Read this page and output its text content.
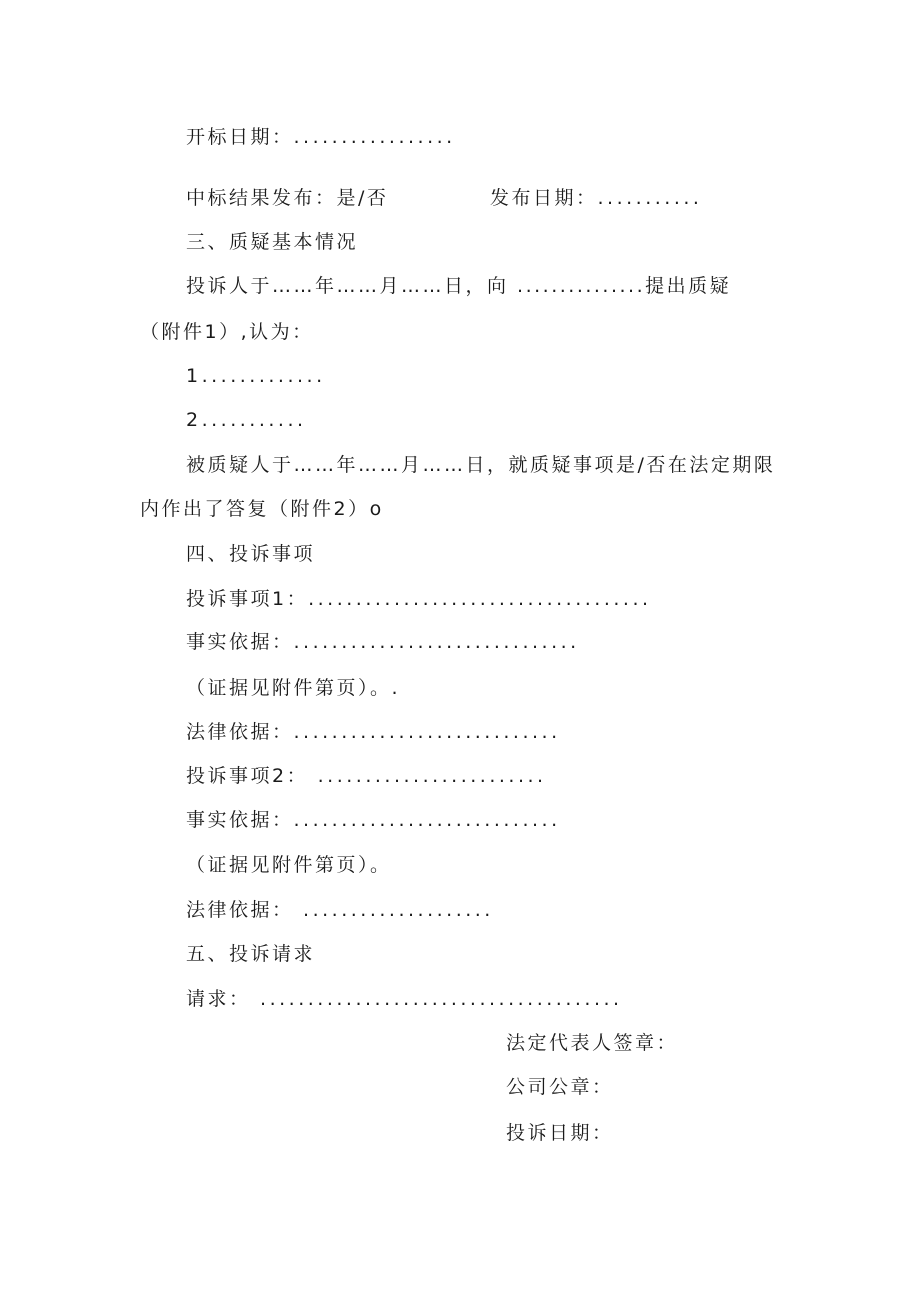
开标日期：.................
中标结果发布：是/否	发布日期：...........
三、质疑基本情况
投诉人于……年……月……日，向 ...............提出质疑
（附件1）,认为：
1.............
2...........
被质疑人于……年……月……日，就质疑事项是/否在法定期限
内作出了答复（附件2）o
四、投诉事项
投诉事项1：....................................
事实依据：..............................
（证据见附件第页）。.
法律依据：............................
投诉事项2： ........................
事实依据：............................
（证据见附件第页）。
法律依据： ....................
五、投诉请求
请求： ......................................
法定代表人签章：
公司公章：
投诉日期：
